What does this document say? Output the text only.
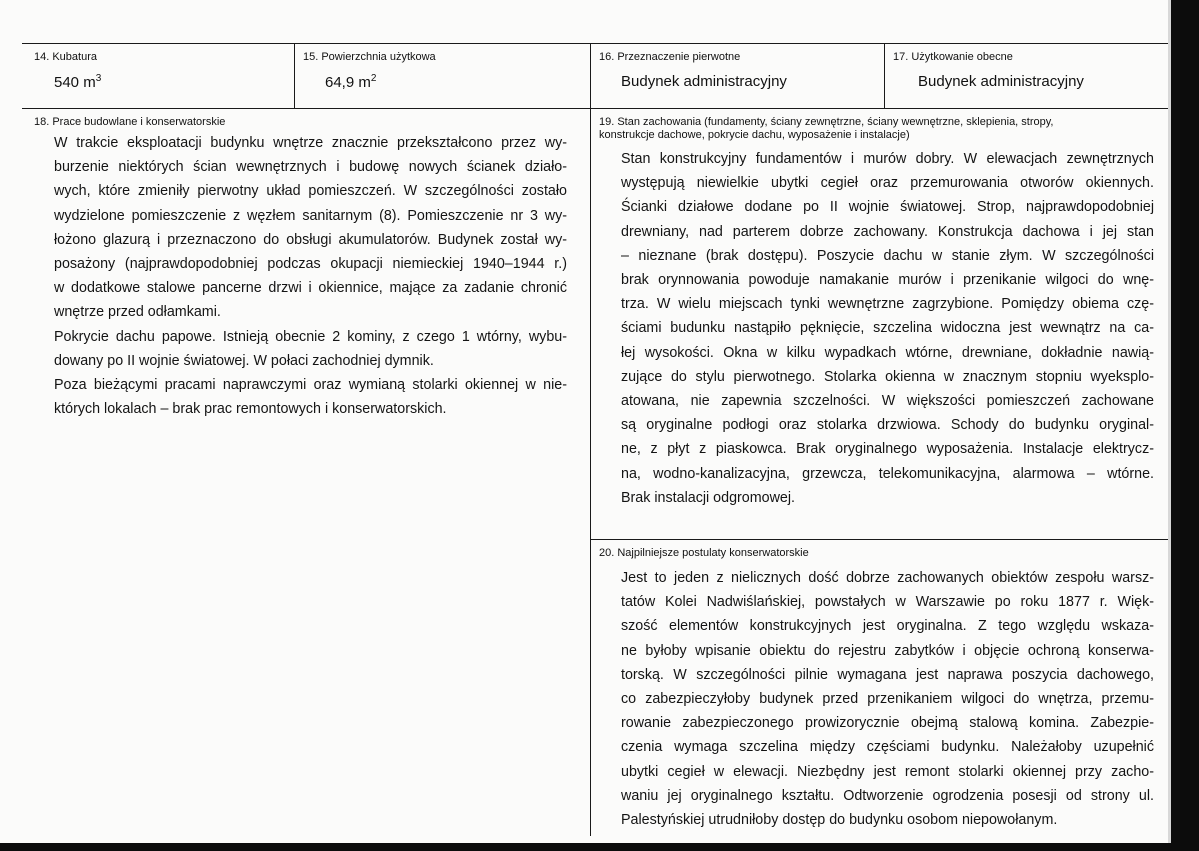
14. Kubatura
540 $m^3$
15. Powierzchnia użytkowa
64,9 $m^2$
16. Przeznaczenie pierwotne
Budynek administracyjny
17. Użytkowanie obecne
Budynek administracyjny
18. Prace budowlane i konserwatorskie
W trakcie eksploatacji budynku wnętrze znacznie przekształcono przez wy-
burzenie niektórych ścian wewnętrznych i budowę nowych ścianek działo-
wych, które zmieniły pierwotny układ pomieszczeń. W szczególności zostało
wydzielone pomieszczenie z węzłem sanitarnym (8). Pomieszczenie nr 3 wy-
łożono glazurą i przeznaczono do obsługi akumulatorów. Budynek został wy-
posażony (najprawdopodobniej podczas okupacji niemieckiej 1940–1944 r.)
w dodatkowe stalowe pancerne drzwi i okiennice, mające za zadanie chronić
wnętrze przed odłamkami.
Pokrycie dachu papowe. Istnieją obecnie 2 kominy, z czego 1 wtórny, wybu-
dowany po II wojnie światowej. W połaci zachodniej dymnik.
Poza bieżącymi pracami naprawczymi oraz wymianą stolarki okiennej w nie-
których lokalach – brak prac remontowych i konserwatorskich.
19. Stan zachowania (fundamenty, ściany zewnętrzne, ściany wewnętrzne, sklepienia, stropy,
konstrukcje dachowe, pokrycie dachu, wyposażenie i instalacje)
Stan konstrukcyjny fundamentów i murów dobry. W elewacjach zewnętrznych
występują niewielkie ubytki cegieł oraz przemurowania otworów okiennych.
Ścianki działowe dodane po II wojnie światowej. Strop, najprawdopodobniej
drewniany, nad parterem dobrze zachowany. Konstrukcja dachowa i jej stan
– nieznane (brak dostępu). Poszycie dachu w stanie złym. W szczególności
brak orynnowania powoduje namakanie murów i przenikanie wilgoci do wnę-
trza. W wielu miejscach tynki wewnętrzne zagrzybione. Pomiędzy obiema czę-
ściami budunku nastąpiło pęknięcie, szczelina widoczna jest wewnątrz na ca-
łej wysokości. Okna w kilku wypadkach wtórne, drewniane, dokładnie nawią-
zujące do stylu pierwotnego. Stolarka okienna w znacznym stopniu wyeksplo-
atowana, nie zapewnia szczelności. W większości pomieszczeń zachowane
są oryginalne podłogi oraz stolarka drzwiowa. Schody do budynku oryginal-
ne, z płyt z piaskowca. Brak oryginalnego wyposażenia. Instalacje elektrycz-
na, wodno-kanalizacyjna, grzewcza, telekomunikacyjna, alarmowa – wtórne.
Brak instalacji odgromowej.
20. Najpilniejsze postulaty konserwatorskie
Jest to jeden z nielicznych dość dobrze zachowanych obiektów zespołu warsz-
tatów Kolei Nadwiślańskiej, powstałych w Warszawie po roku 1877 r. Więk-
szość elementów konstrukcyjnych jest oryginalna. Z tego względu wskaza-
ne byłoby wpisanie obiektu do rejestru zabytków i objęcie ochroną konserwa-
torską. W szczególności pilnie wymagana jest naprawa poszycia dachowego,
co zabezpieczyłoby budynek przed przenikaniem wilgoci do wnętrza, przemu-
rowanie zabezpieczonego prowizorycznie obejmą stalową komina. Zabezpie-
czenia wymaga szczelina między częściami budynku. Należałoby uzupełnić
ubytki cegieł w elewacji. Niezbędny jest remont stolarki okiennej przy zacho-
waniu jej oryginalnego kształtu. Odtworzenie ogrodzenia posesji od strony ul.
Palestyńskiej utrudniłoby dostęp do budynku osobom niepowołanym.
